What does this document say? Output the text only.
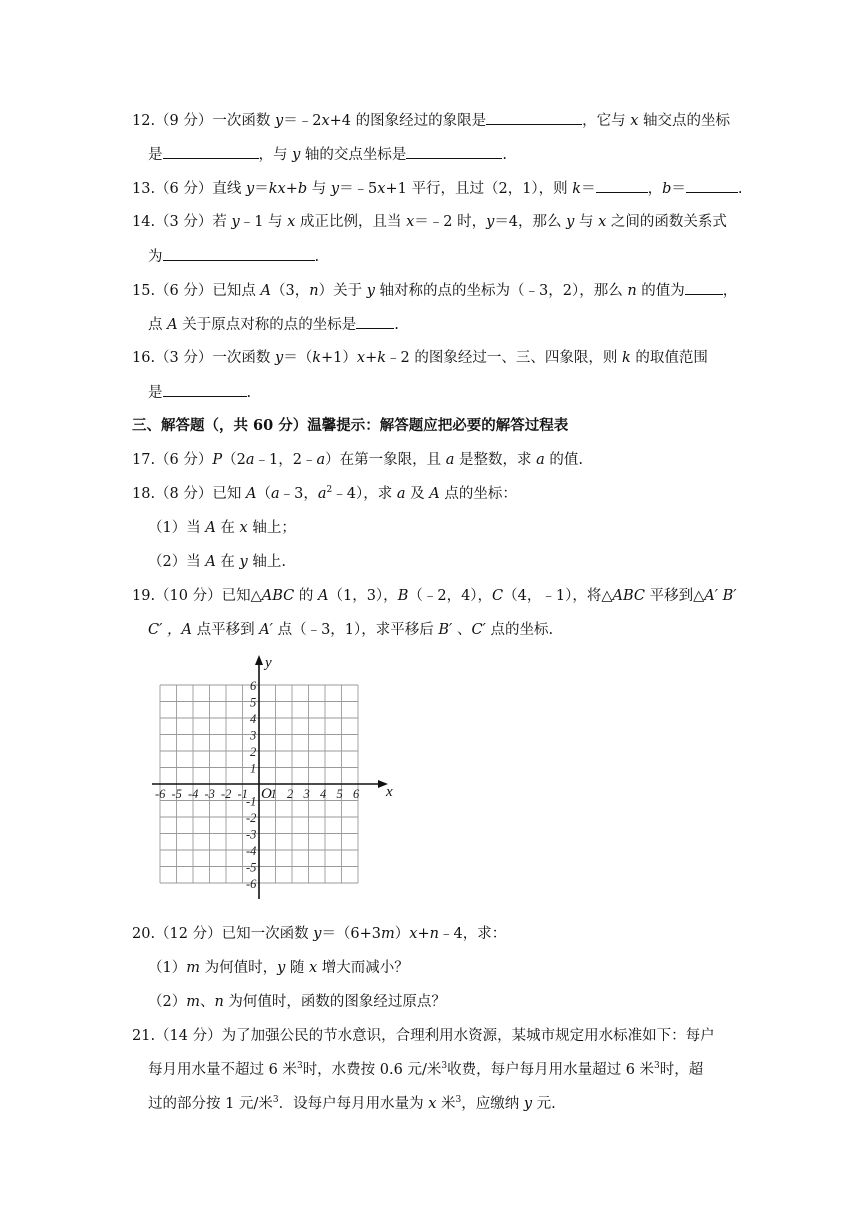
12.（9 分）一次函数 y＝﹣2x+4 的图象经过的象限是	，它与 x 轴交点的坐标
是	，与 y 轴的交点坐标是	.
13.（6 分）直线 y＝kx+b 与 y＝﹣5x+1 平行，且过（2，1），则 k＝	，b＝	.
14.（3 分）若 y﹣1 与 x 成正比例，且当 x＝﹣2 时，y＝4，那么 y 与 x 之间的函数关系式
为	.
15.（6 分）已知点 A（3，n）关于 y 轴对称的点的坐标为（﹣3，2），那么 n 的值为	，
点 A 关于原点对称的点的坐标是	.
16.（3 分）一次函数 y＝（k+1）x+k﹣2 的图象经过一、三、四象限，则 k 的取值范围
是	.
三、解答题（，共 60 分）温馨提示：解答题应把必要的解答过程表
17.（6 分）P（2a﹣1，2﹣a）在第一象限，且 a 是整数，求 a 的值.
18.（8 分）已知 A（a﹣3，$a^2﹣4$），求 a 及 A 点的坐标：
（1）当 A 在 x 轴上；
（2）当 A 在 y 轴上.
19.（10 分）已知△ABC 的 A（1，3），B（﹣2，4），C（4，﹣1），将△ABC 平移到△A′ B′
C′ ，A 点平移到 A′ 点（﹣3，1），求平移后 B′ 、C′ 点的坐标.
x
y
O
-6 -5 -4 -3 -2 -1 1 2 3 4 5 6
6
5
4
3
2
1
-1
-2
-3
-4
-5
-6
20.（12 分）已知一次函数 y＝（6+3m）x+n﹣4，求：
（1）m 为何值时，y 随 x 增大而减小？
（2）m、n 为何值时，函数的图象经过原点？
21.（14 分）为了加强公民的节水意识，合理利用水资源，某城市规定用水标准如下：每户
每月用水量不超过 6 米$^3$时，水费按 0.6 元/米$^3$收费，每户每月用水量超过 6 米$^3$时，超
过的部分按 1 元/米$^3$．设每户每月用水量为 x 米$^3$，应缴纳 y 元.
